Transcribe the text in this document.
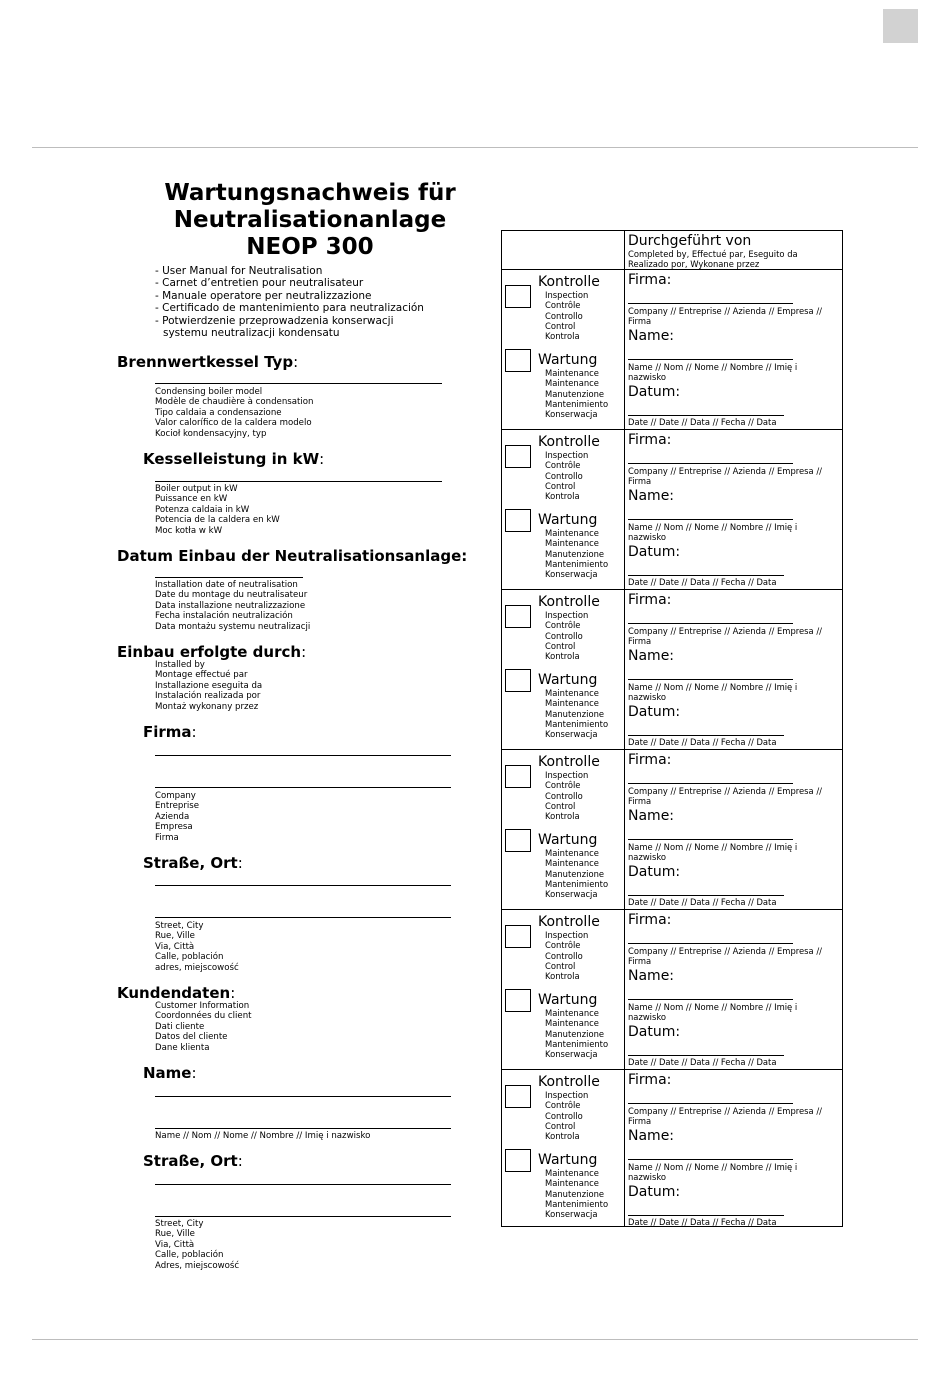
Wartungsnachweis für
Neutralisationanlage
NEOP 300
- User Manual for Neutralisation
- Carnet d’entretien pour neutralisateur
- Manuale operatore per neutralizzazione
- Certificado de mantenimiento para neutralización
- Potwierdzenie przeprowadzenia konserwacji
systemu neutralizacji kondensatu
Brennwertkessel Typ:
Condensing boiler model
Modèle de chaudière à condensation
Tipo caldaia a condensazione
Valor calorífico de la caldera modelo
Kocioł kondensacyjny, typ
Kesselleistung in kW:
Boiler output in kW
Puissance en kW
Potenza caldaia in kW
Potencia de la caldera en kW
Moc kotła w kW
Datum Einbau der Neutralisationsanlage:
Installation date of neutralisation
Date du montage du neutralisateur
Data installazione neutralizzazione
Fecha instalación neutralización
Data montażu systemu neutralizacji
Einbau erfolgte durch:
Installed by
Montage effectué par
Installazione eseguita da
Instalación realizada por
Montaż wykonany przez
Firma:
Company
Entreprise
Azienda
Empresa
Firma
Straße, Ort:
Street, City
Rue, Ville
Via, Città
Calle, población
adres, miejscowość
Kundendaten:
Customer Information
Coordonnées du client
Dati cliente
Datos del cliente
Dane klienta
Name:
Name // Nom // Nome // Nombre // Imię i nazwisko
Straße, Ort:
Street, City
Rue, Ville
Via, Città
Calle, población
Adres, miejscowość
Durchgeführt von
Completed by, Effectué par, Eseguito da
Realizado por, Wykonane przez
Kontrolle
Inspection
Contrôle
Controllo
Control
Kontrola
Wartung
Maintenance
Maintenance
Manutenzione
Mantenimiento
Konserwacja
Firma:
Company // Entreprise // Azienda // Empresa //
Firma
Name:
Name // Nom // Nome // Nombre // Imię i
nazwisko
Datum:
Date // Date // Data // Fecha // Data
Kontrolle
Inspection
Contrôle
Controllo
Control
Kontrola
Wartung
Maintenance
Maintenance
Manutenzione
Mantenimiento
Konserwacja
Firma:
Company // Entreprise // Azienda // Empresa //
Firma
Name:
Name // Nom // Nome // Nombre // Imię i
nazwisko
Datum:
Date // Date // Data // Fecha // Data
Kontrolle
Inspection
Contrôle
Controllo
Control
Kontrola
Wartung
Maintenance
Maintenance
Manutenzione
Mantenimiento
Konserwacja
Firma:
Company // Entreprise // Azienda // Empresa //
Firma
Name:
Name // Nom // Nome // Nombre // Imię i
nazwisko
Datum:
Date // Date // Data // Fecha // Data
Kontrolle
Inspection
Contrôle
Controllo
Control
Kontrola
Wartung
Maintenance
Maintenance
Manutenzione
Mantenimiento
Konserwacja
Firma:
Company // Entreprise // Azienda // Empresa //
Firma
Name:
Name // Nom // Nome // Nombre // Imię i
nazwisko
Datum:
Date // Date // Data // Fecha // Data
Kontrolle
Inspection
Contrôle
Controllo
Control
Kontrola
Wartung
Maintenance
Maintenance
Manutenzione
Mantenimiento
Konserwacja
Firma:
Company // Entreprise // Azienda // Empresa //
Firma
Name:
Name // Nom // Nome // Nombre // Imię i
nazwisko
Datum:
Date // Date // Data // Fecha // Data
Kontrolle
Inspection
Contrôle
Controllo
Control
Kontrola
Wartung
Maintenance
Maintenance
Manutenzione
Mantenimiento
Konserwacja
Firma:
Company // Entreprise // Azienda // Empresa //
Firma
Name:
Name // Nom // Nome // Nombre // Imię i
nazwisko
Datum:
Date // Date // Data // Fecha // Data
